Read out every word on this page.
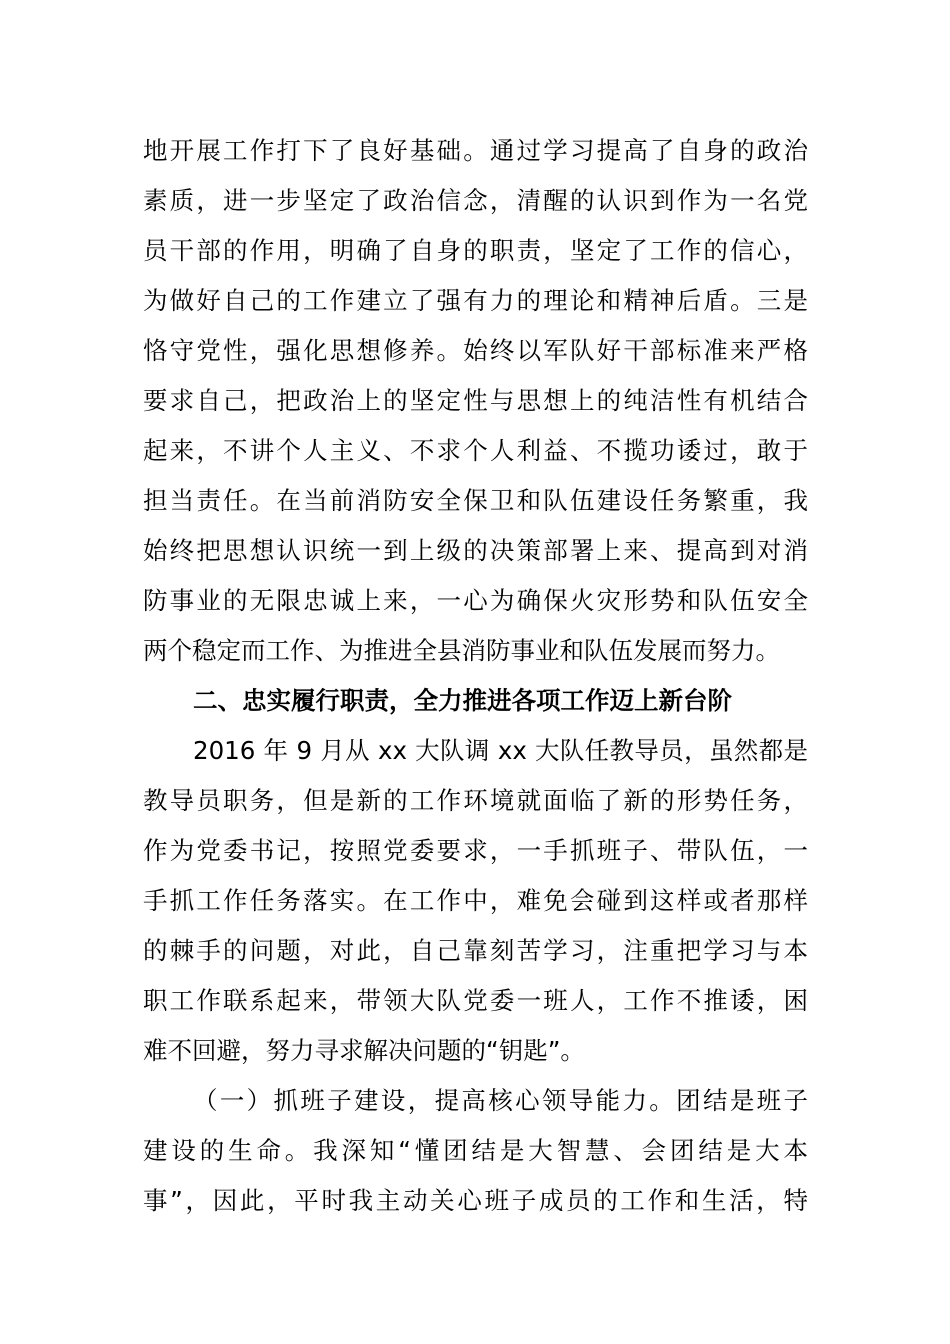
地开展工作打下了良好基础。通过学习提高了自身的政治
素质，进一步坚定了政治信念，清醒的认识到作为一名党
员干部的作用，明确了自身的职责，坚定了工作的信心，
为做好自己的工作建立了强有力的理论和精神后盾。三是
恪守党性，强化思想修养。始终以军队好干部标准来严格
要求自己，把政治上的坚定性与思想上的纯洁性有机结合
起来，不讲个人主义、不求个人利益、不揽功诿过，敢于
担当责任。在当前消防安全保卫和队伍建设任务繁重，我
始终把思想认识统一到上级的决策部署上来、提高到对消
防事业的无限忠诚上来，一心为确保火灾形势和队伍安全
两个稳定而工作、为推进全县消防事业和队伍发展而努力。
二、忠实履行职责，全力推进各项工作迈上新台阶
2016 年 9 月从 xx 大队调 xx 大队任教导员，虽然都是
教导员职务，但是新的工作环境就面临了新的形势任务，
作为党委书记，按照党委要求，一手抓班子、带队伍，一
手抓工作任务落实。在工作中，难免会碰到这样或者那样
的棘手的问题，对此，自己靠刻苦学习，注重把学习与本
职工作联系起来，带领大队党委一班人，工作不推诿，困
难不回避，努力寻求解决问题的“钥匙”。
（一）抓班子建设，提高核心领导能力。团结是班子
建设的生命。我深知“懂团结是大智慧、会团结是大本
事”，因此，平时我主动关心班子成员的工作和生活，特
